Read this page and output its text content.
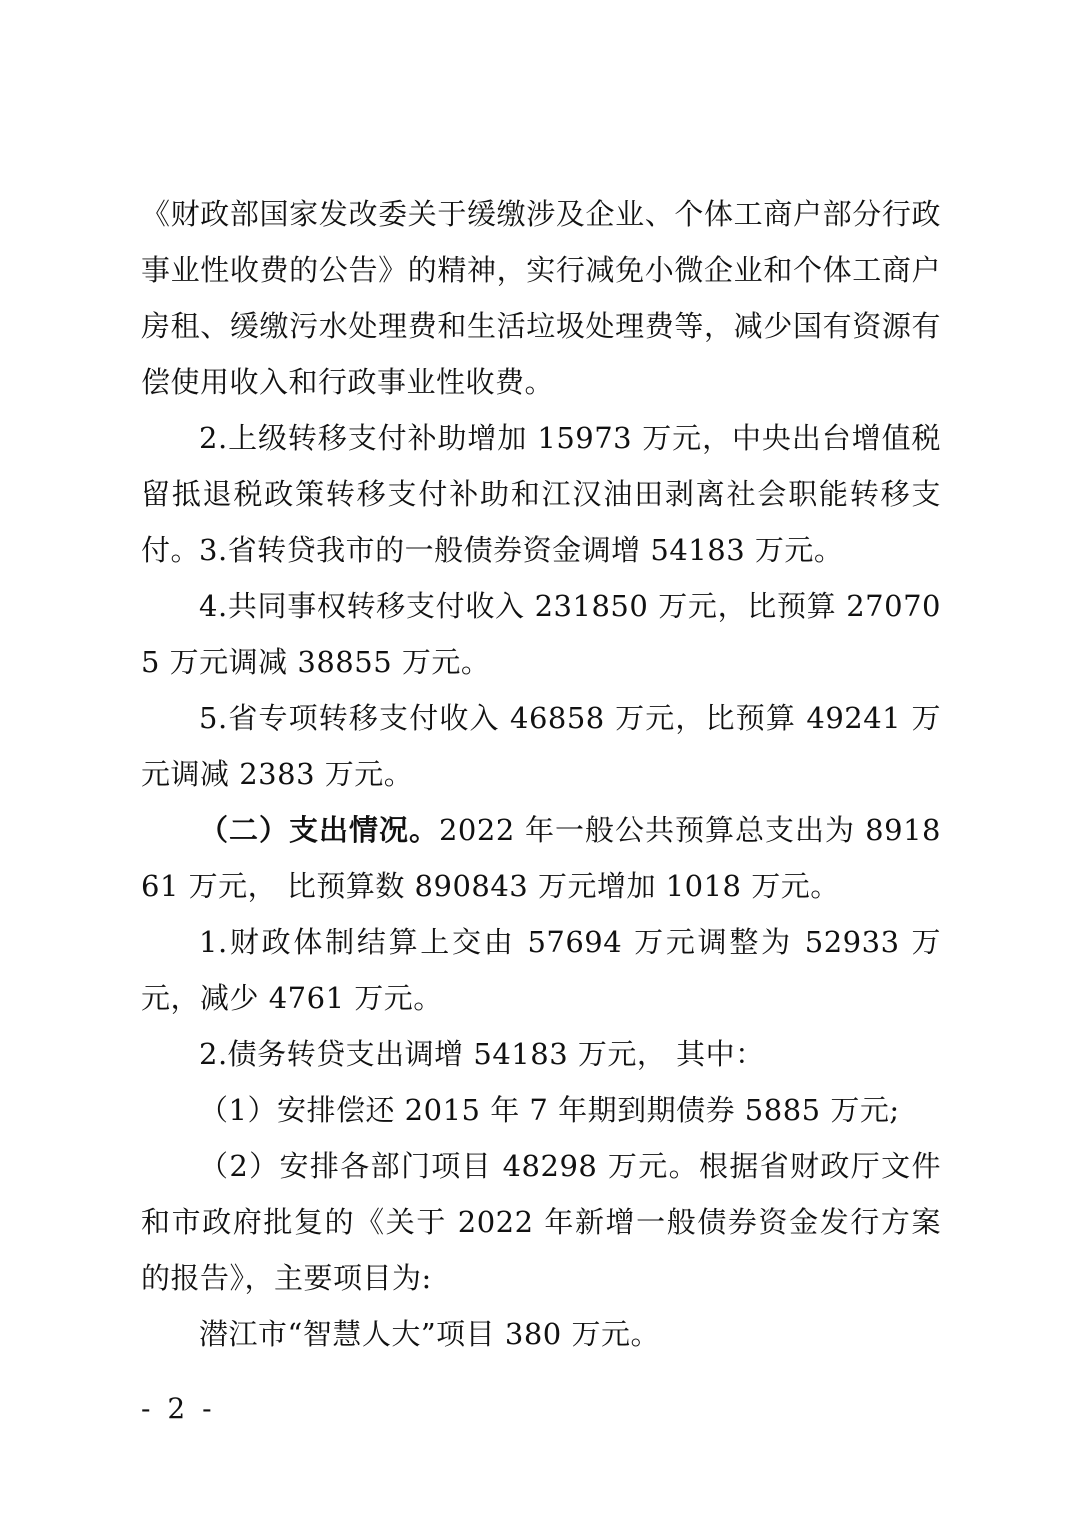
《财政部国家发改委关于缓缴涉及企业、个体工商户部分行政事业性收费的公告》的精神，实行减免小微企业和个体工商户房租、缓缴污水处理费和生活垃圾处理费等，减少国有资源有偿使用收入和行政事业性收费。

2.上级转移支付补助增加 15973 万元，中央出台增值税留抵退税政策转移支付补助和江汉油田剥离社会职能转移支付。

3.省转贷我市的一般债券资金调增 54183 万元。

4.共同事权转移支付收入 231850 万元，比预算 270705 万元调减 38855 万元。

5.省专项转移支付收入 46858 万元，比预算 49241 万元调减 2383 万元。

（二）支出情况。2022 年一般公共预算总支出为 891861 万元， 比预算数 890843 万元增加 1018 万元。

1.财政体制结算上交由 57694 万元调整为 52933 万元，减少 4761 万元。

2.债务转贷支出调增 54183 万元， 其中：

（1）安排偿还 2015 年 7 年期到期债券 5885 万元;

（2）安排各部门项目 48298 万元。根据省财政厅文件和市政府批复的《关于 2022 年新增一般债券资金发行方案的报告》，主要项目为:

潜江市“智慧人大”项目 380 万元。

- 2 -
